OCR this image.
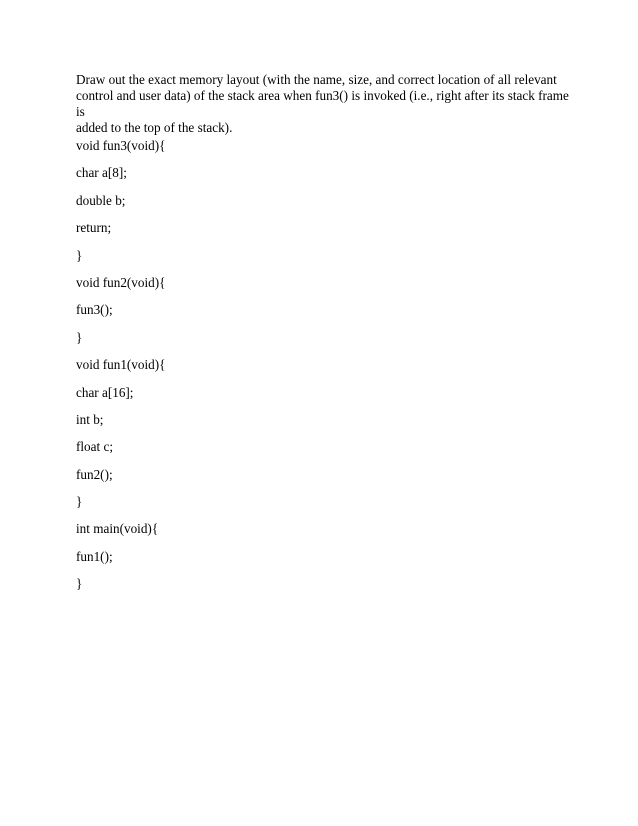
Draw out the exact memory layout (with the name, size, and correct location of all relevant
control and user data) of the stack area when fun3() is invoked (i.e., right after its stack frame is
added to the top of the stack).

void fun3(void){
char a[8];
double b;
return;
}
void fun2(void){
fun3();
}
void fun1(void){
char a[16];
int b;
float c;
fun2();
}
int main(void){
fun1();
}
